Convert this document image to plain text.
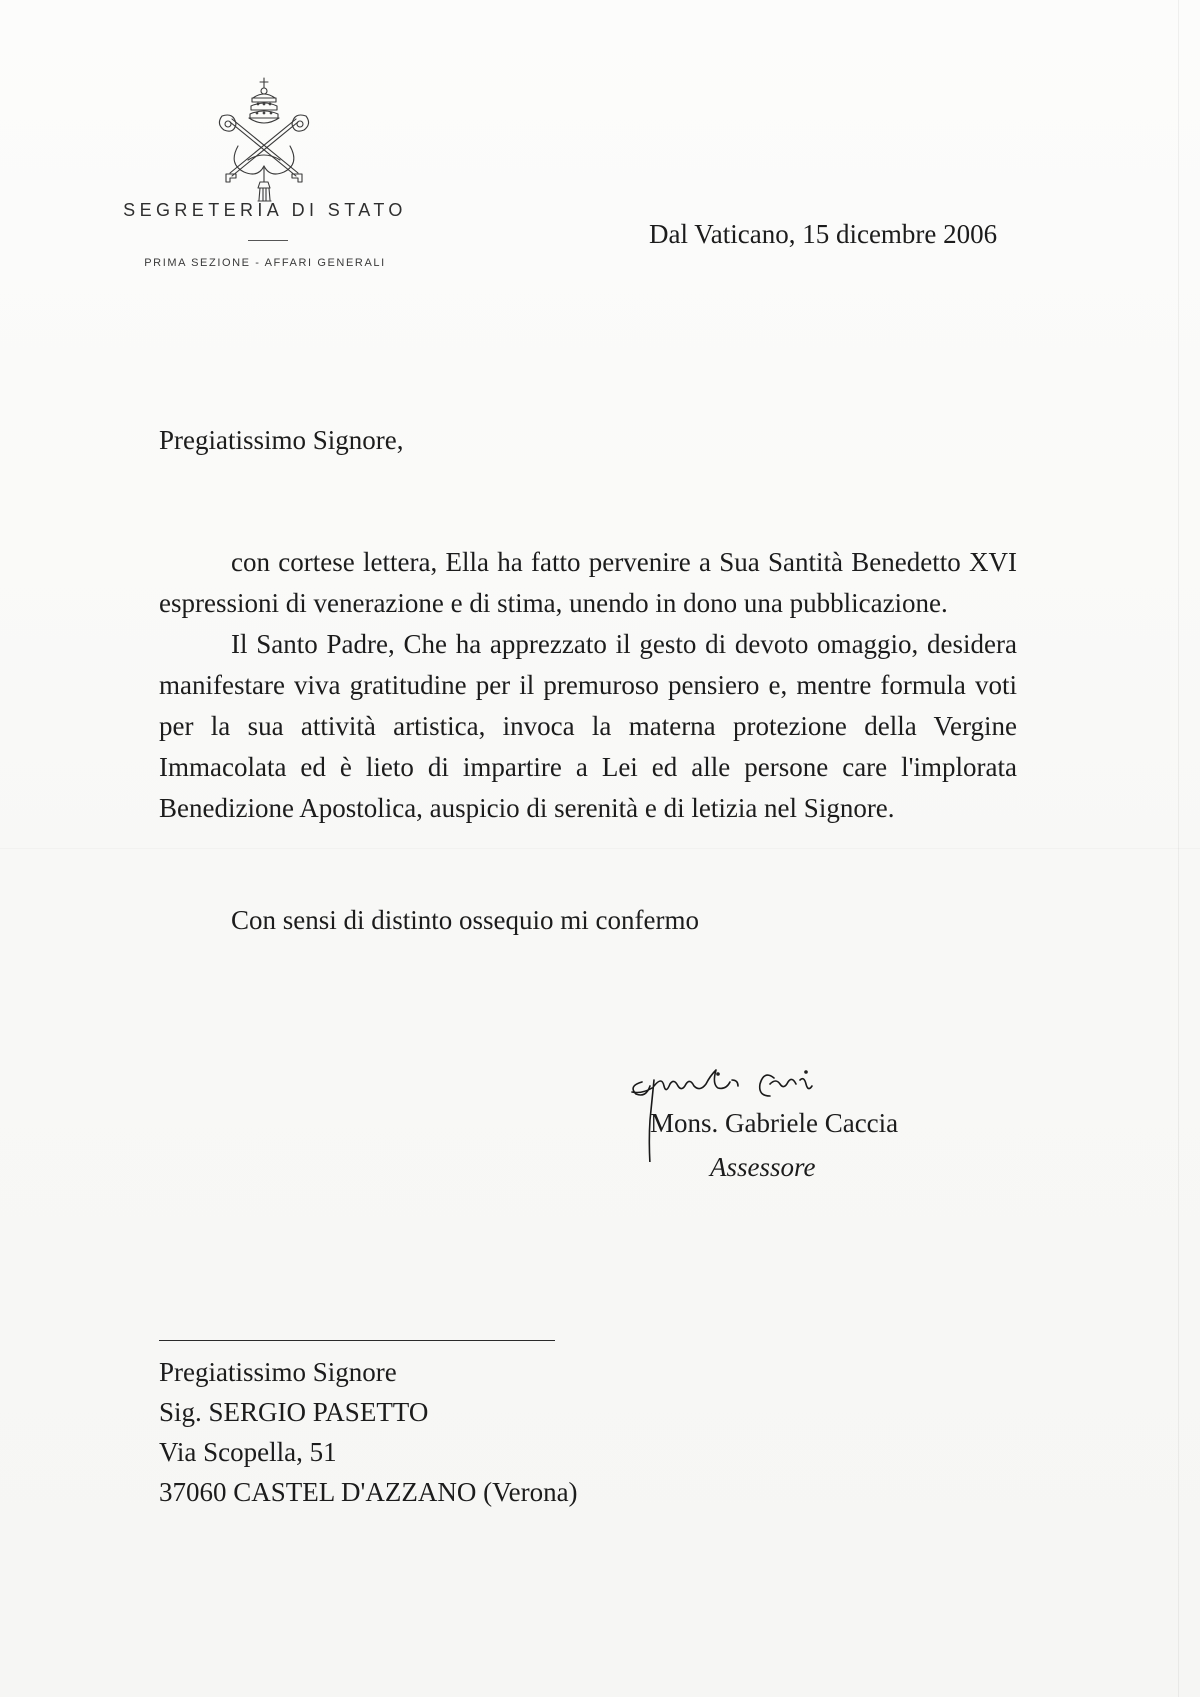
SEGRETERIA DI STATO
PRIMA SEZIONE - AFFARI GENERALI
Dal Vaticano, 15 dicembre 2006
Pregiatissimo Signore,

con cortese lettera, Ella ha fatto pervenire a Sua Santità Benedetto XVI espressioni di venerazione e di stima, unendo in dono una pubblicazione.

Il Santo Padre, Che ha apprezzato il gesto di devoto omaggio, desidera manifestare viva gratitudine per il premuroso pensiero e, mentre formula voti per la sua attività artistica, invoca la materna protezione della Vergine Immacolata ed è lieto di impartire a Lei ed alle persone care l'implorata Benedizione Apostolica, auspicio di serenità e di letizia nel Signore.

Con sensi di distinto ossequio mi confermo
Mons. Gabriele Caccia
Assessore
Pregiatissimo Signore
Sig. SERGIO PASETTO
Via Scopella, 51
37060 CASTEL D'AZZANO (Verona)
